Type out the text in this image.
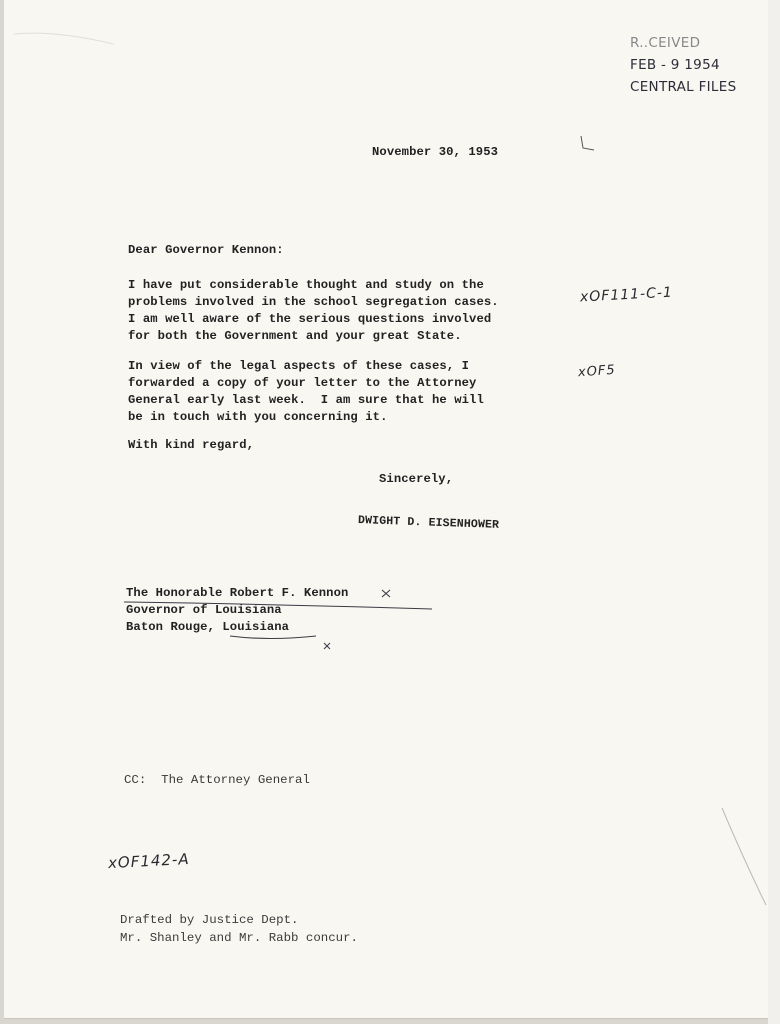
R..CEIVED
FEB - 9 1954
CENTRAL FILES
November 30, 1953
Dear Governor Kennon:
I have put considerable thought and study on the
problems involved in the school segregation cases.
I am well aware of the serious questions involved
for both the Government and your great State.
In view of the legal aspects of these cases, I
forwarded a copy of your letter to the Attorney
General early last week.  I am sure that he will
be in touch with you concerning it.
With kind regard,
Sincerely,
DWIGHT D. EISENHOWER
The Honorable Robert F. Kennon
Governor of Louisiana
Baton Rouge, Louisiana
CC:  The Attorney General
Drafted by Justice Dept.
Mr. Shanley and Mr. Rabb concur.
xOF111-C-1
xOF5
xOF142-A
